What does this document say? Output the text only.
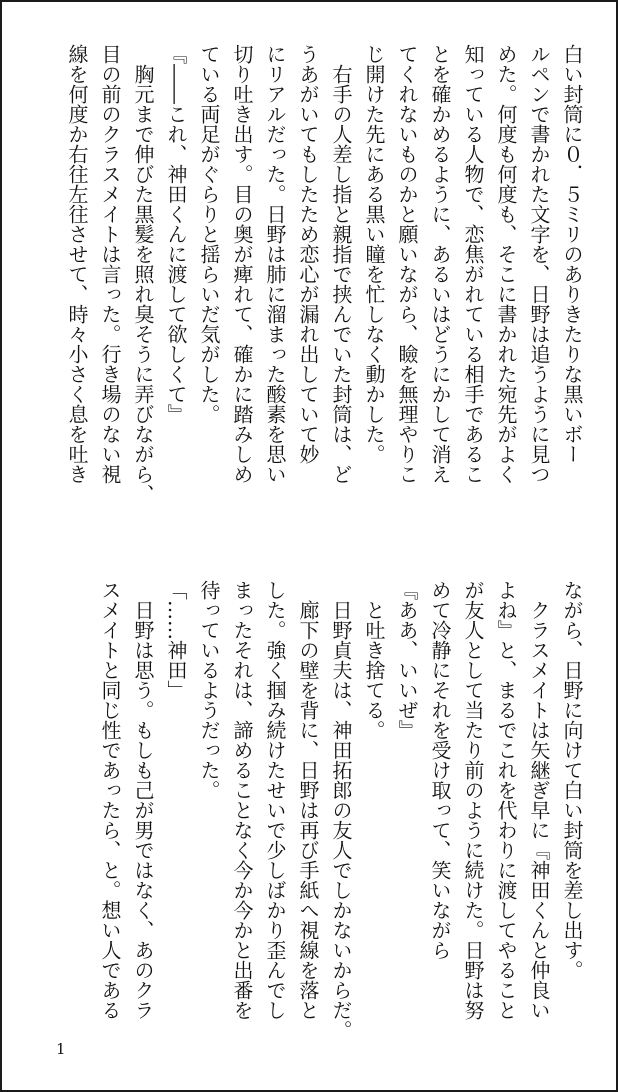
白い封筒に０．５ミリのありきたりな黒いボー
ルペンで書かれた文字を、日野は追うように見つ
めた。何度も何度も、そこに書かれた宛先がよく
知っている人物で、恋焦がれている相手であるこ
とを確かめるように、あるいはどうにかして消え
てくれないものかと願いながら、瞼を無理やりこ
じ開けた先にある黒い瞳を忙しなく動かした。
　右手の人差し指と親指で挟んでいた封筒は、ど
うあがいてもしたため恋心が漏れ出していて妙
にリアルだった。日野は肺に溜まった酸素を思い
切り吐き出す。目の奥が痺れて、確かに踏みしめ
ている両足がぐらりと揺らいだ気がした。
『――これ、神田くんに渡して欲しくて』
　胸元まで伸びた黒髪を照れ臭そうに弄びながら、
目の前のクラスメイトは言った。行き場のない視
線を何度か右往左往させて、時々小さく息を吐き
ながら、日野に向けて白い封筒を差し出す。
　クラスメイトは矢継ぎ早に『神田くんと仲良い
よね』と、まるでこれを代わりに渡してやること
が友人として当たり前のように続けた。日野は努
めて冷静にそれを受け取って、笑いながら
『ああ、いいぜ』
　と吐き捨てる。
　日野貞夫は、神田拓郎の友人でしかないからだ。
　廊下の壁を背に、日野は再び手紙へ視線を落と
した。強く掴み続けたせいで少しばかり歪んでし
まったそれは、諦めることなく今か今かと出番を
待っているようだった。
「……神田」
　日野は思う。もしも己が男ではなく、あのクラ
スメイトと同じ性であったら、と。想い人である
1
